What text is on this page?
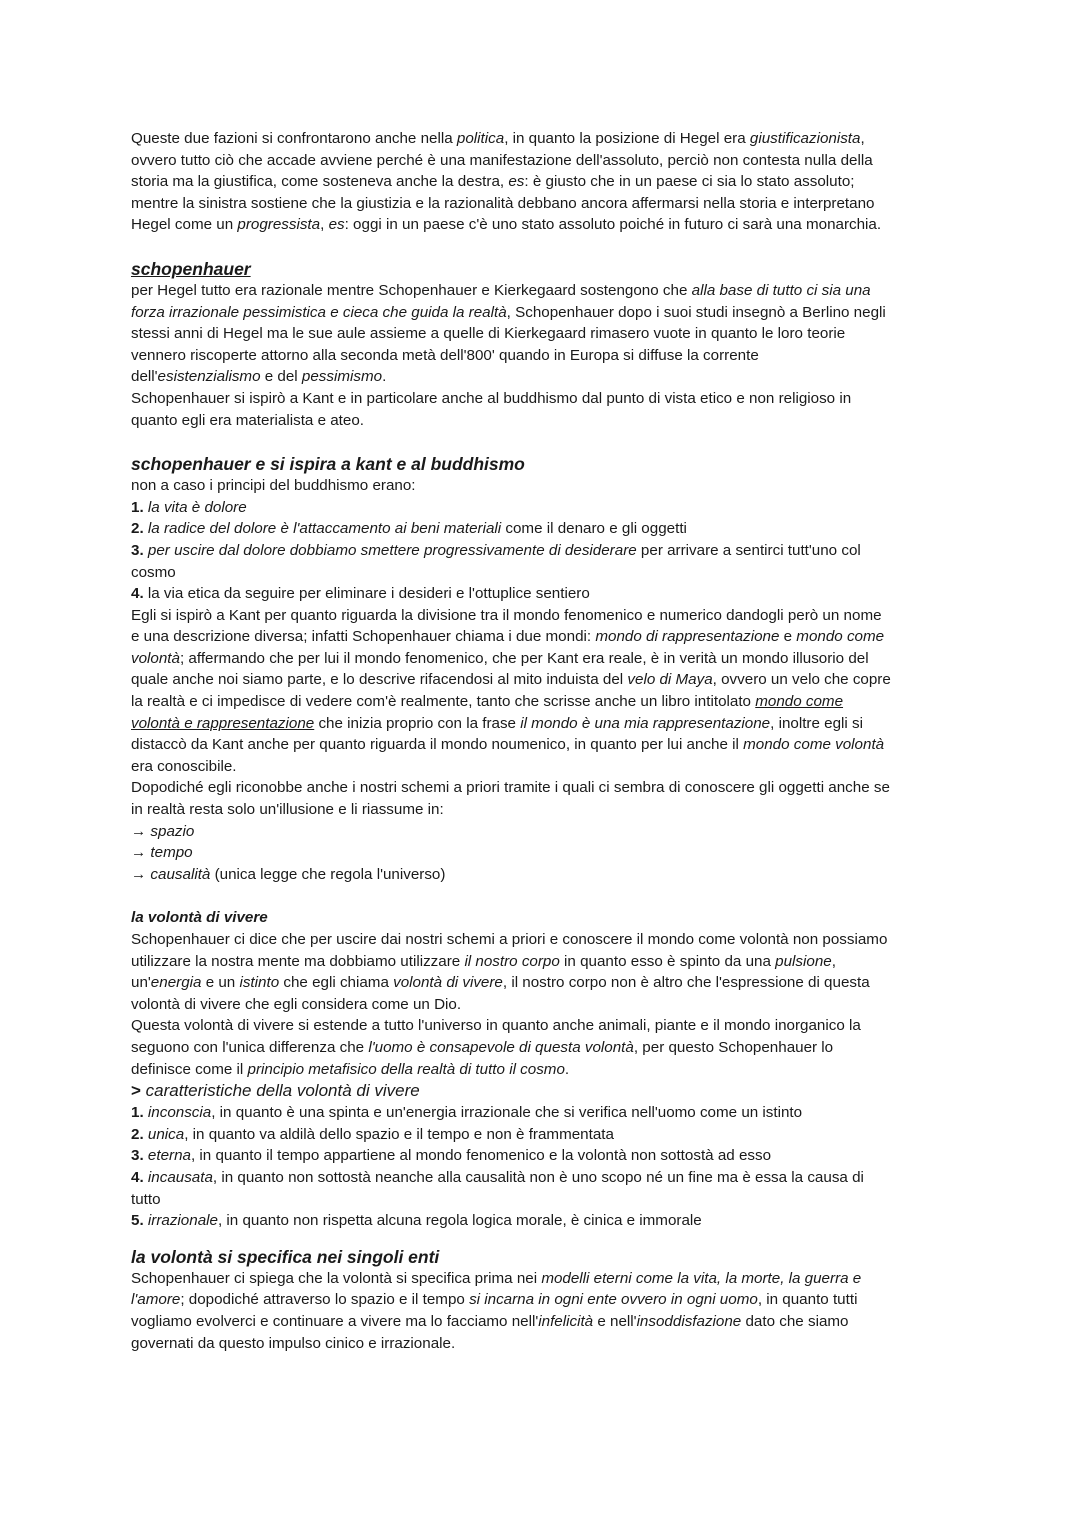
Queste due fazioni si confrontarono anche nella politica, in quanto la posizione di Hegel era giustificazionista,

ovvero tutto ciò che accade avviene perché è una manifestazione dell'assoluto, perciò non contesta nulla della

storia ma la giustifica, come sosteneva anche la destra, es: è giusto che in un paese ci sia lo stato assoluto;

mentre la sinistra sostiene che la giustizia e la razionalità debbano ancora affermarsi nella storia e interpretano

Hegel come un progressista, es: oggi in un paese c'è uno stato assoluto poiché in futuro ci sarà una monarchia.

schopenhauer

per Hegel tutto era razionale mentre Schopenhauer e Kierkegaard sostengono che alla base di tutto ci sia una

forza irrazionale pessimistica e cieca che guida la realtà, Schopenhauer dopo i suoi studi insegnò a Berlino negli

stessi anni di Hegel ma le sue aule assieme a quelle di Kierkegaard rimasero vuote in quanto le loro teorie

vennero riscoperte attorno alla seconda metà dell'800' quando in Europa si diffuse la corrente

dell'esistenzialismo e del pessimismo.

Schopenhauer si ispirò a Kant e in particolare anche al buddhismo dal punto di vista etico e non religioso in

quanto egli era materialista e ateo.

schopenhauer e si ispira a kant e al buddhismo

non a caso i principi del buddhismo erano:

1. la vita è dolore

2. la radice del dolore è l'attaccamento ai beni materiali come il denaro e gli oggetti

3. per uscire dal dolore dobbiamo smettere progressivamente di desiderare per arrivare a sentirci tutt'uno col

cosmo

4. la via etica da seguire per eliminare i desideri e l'ottuplice sentiero

Egli si ispirò a Kant per quanto riguarda la divisione tra il mondo fenomenico e numerico dandogli però un nome

e una descrizione diversa; infatti Schopenhauer chiama i due mondi: mondo di rappresentazione e mondo come

volontà; affermando che per lui il mondo fenomenico, che per Kant era reale, è in verità un mondo illusorio del

quale anche noi siamo parte, e lo descrive rifacendosi al mito induista del velo di Maya, ovvero un velo che copre

la realtà e ci impedisce di vedere com'è realmente, tanto che scrisse anche un libro intitolato mondo come

volontà e rappresentazione che inizia proprio con la frase il mondo è una mia rappresentazione, inoltre egli si

distaccò da Kant anche per quanto riguarda il mondo noumenico, in quanto per lui anche il mondo come volontà

era conoscibile.

Dopodiché egli riconobbe anche i nostri schemi a priori tramite i quali ci sembra di conoscere gli oggetti anche se

in realtà resta solo un'illusione e li riassume in:

→ spazio

→ tempo

→ causalità (unica legge che regola l'universo)

la volontà di vivere

Schopenhauer ci dice che per uscire dai nostri schemi a priori e conoscere il mondo come volontà non possiamo

utilizzare la nostra mente ma dobbiamo utilizzare il nostro corpo in quanto esso è spinto da una pulsione,

un'energia e un istinto che egli chiama volontà di vivere, il nostro corpo non è altro che l'espressione di questa

volontà di vivere che egli considera come un Dio.

Questa volontà di vivere si estende a tutto l'universo in quanto anche animali, piante e il mondo inorganico la

seguono con l'unica differenza che l'uomo è consapevole di questa volontà, per questo Schopenhauer lo

definisce come il principio metafisico della realtà di tutto il cosmo.

> caratteristiche della volontà di vivere

1. inconscia, in quanto è una spinta e un'energia irrazionale che si verifica nell'uomo come un istinto

2. unica, in quanto va aldilà dello spazio e il tempo e non è frammentata

3. eterna, in quanto il tempo appartiene al mondo fenomenico e la volontà non sottostà ad esso

4. incausata, in quanto non sottostà neanche alla causalità non è uno scopo né un fine ma è essa la causa di

tutto

5. irrazionale, in quanto non rispetta alcuna regola logica morale, è cinica e immorale

la volontà si specifica nei singoli enti

Schopenhauer ci spiega che la volontà si specifica prima nei modelli eterni come la vita, la morte, la guerra e

l'amore; dopodiché attraverso lo spazio e il tempo si incarna in ogni ente ovvero in ogni uomo, in quanto tutti

vogliamo evolverci e continuare a vivere ma lo facciamo nell'infelicità e nell'insoddisfazione dato che siamo

governati da questo impulso cinico e irrazionale.
